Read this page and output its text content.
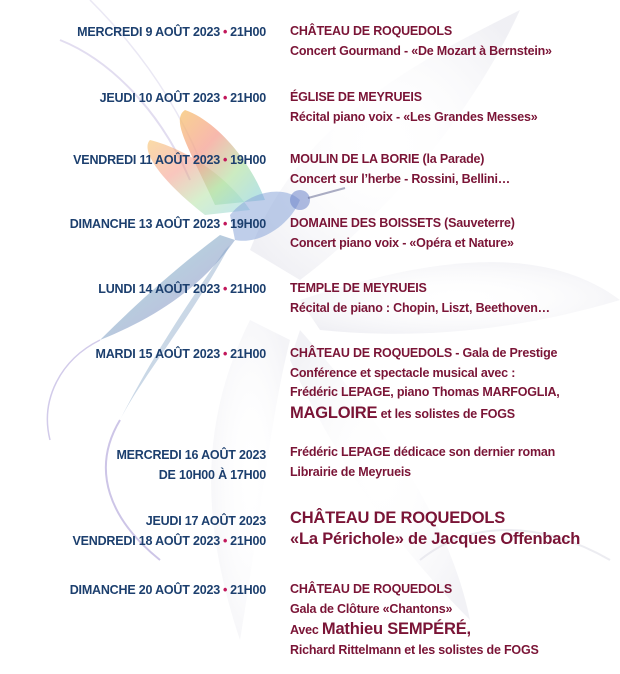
MERCREDI 9 AOÛT 2023 • 21H00 CHÂTEAU DE ROQUEDOLS
Concert Gourmand - «De Mozart à Bernstein»
JEUDI 10 AOÛT 2023 • 21H00 ÉGLISE DE MEYRUEIS
Récital piano voix - «Les Grandes Messes»
VENDREDI 11 AOÛT 2023 • 19H00 MOULIN DE LA BORIE (la Parade)
Concert sur l’herbe - Rossini, Bellini…
DIMANCHE 13 AOÛT 2023 • 19H00 DOMAINE DES BOISSETS (Sauveterre)
Concert piano voix - «Opéra et Nature»
LUNDI 14 AOÛT 2023 • 21H00 TEMPLE DE MEYRUEIS
Récital de piano : Chopin, Liszt, Beethoven…
MARDI 15 AOÛT 2023 • 21H00 CHÂTEAU DE ROQUEDOLS - Gala de Prestige
Conférence et spectacle musical avec :
Frédéric LEPAGE, piano Thomas MARFOGLIA,
MAGLOIRE et les solistes de FOGS
MERCREDI 16 AOÛT 2023
DE 10H00 À 17H00
Frédéric LEPAGE dédicace son dernier roman
Librairie de Meyrueis
JEUDI 17 AOÛT 2023
VENDREDI 18 AOÛT 2023 • 21H00
CHÂTEAU DE ROQUEDOLS
«La Périchole» de Jacques Offenbach
DIMANCHE 20 AOÛT 2023 • 21H00 CHÂTEAU DE ROQUEDOLS
Gala de Clôture «Chantons»
Avec Mathieu SEMPÉRÉ,
Richard Rittelmann et les solistes de FOGS
